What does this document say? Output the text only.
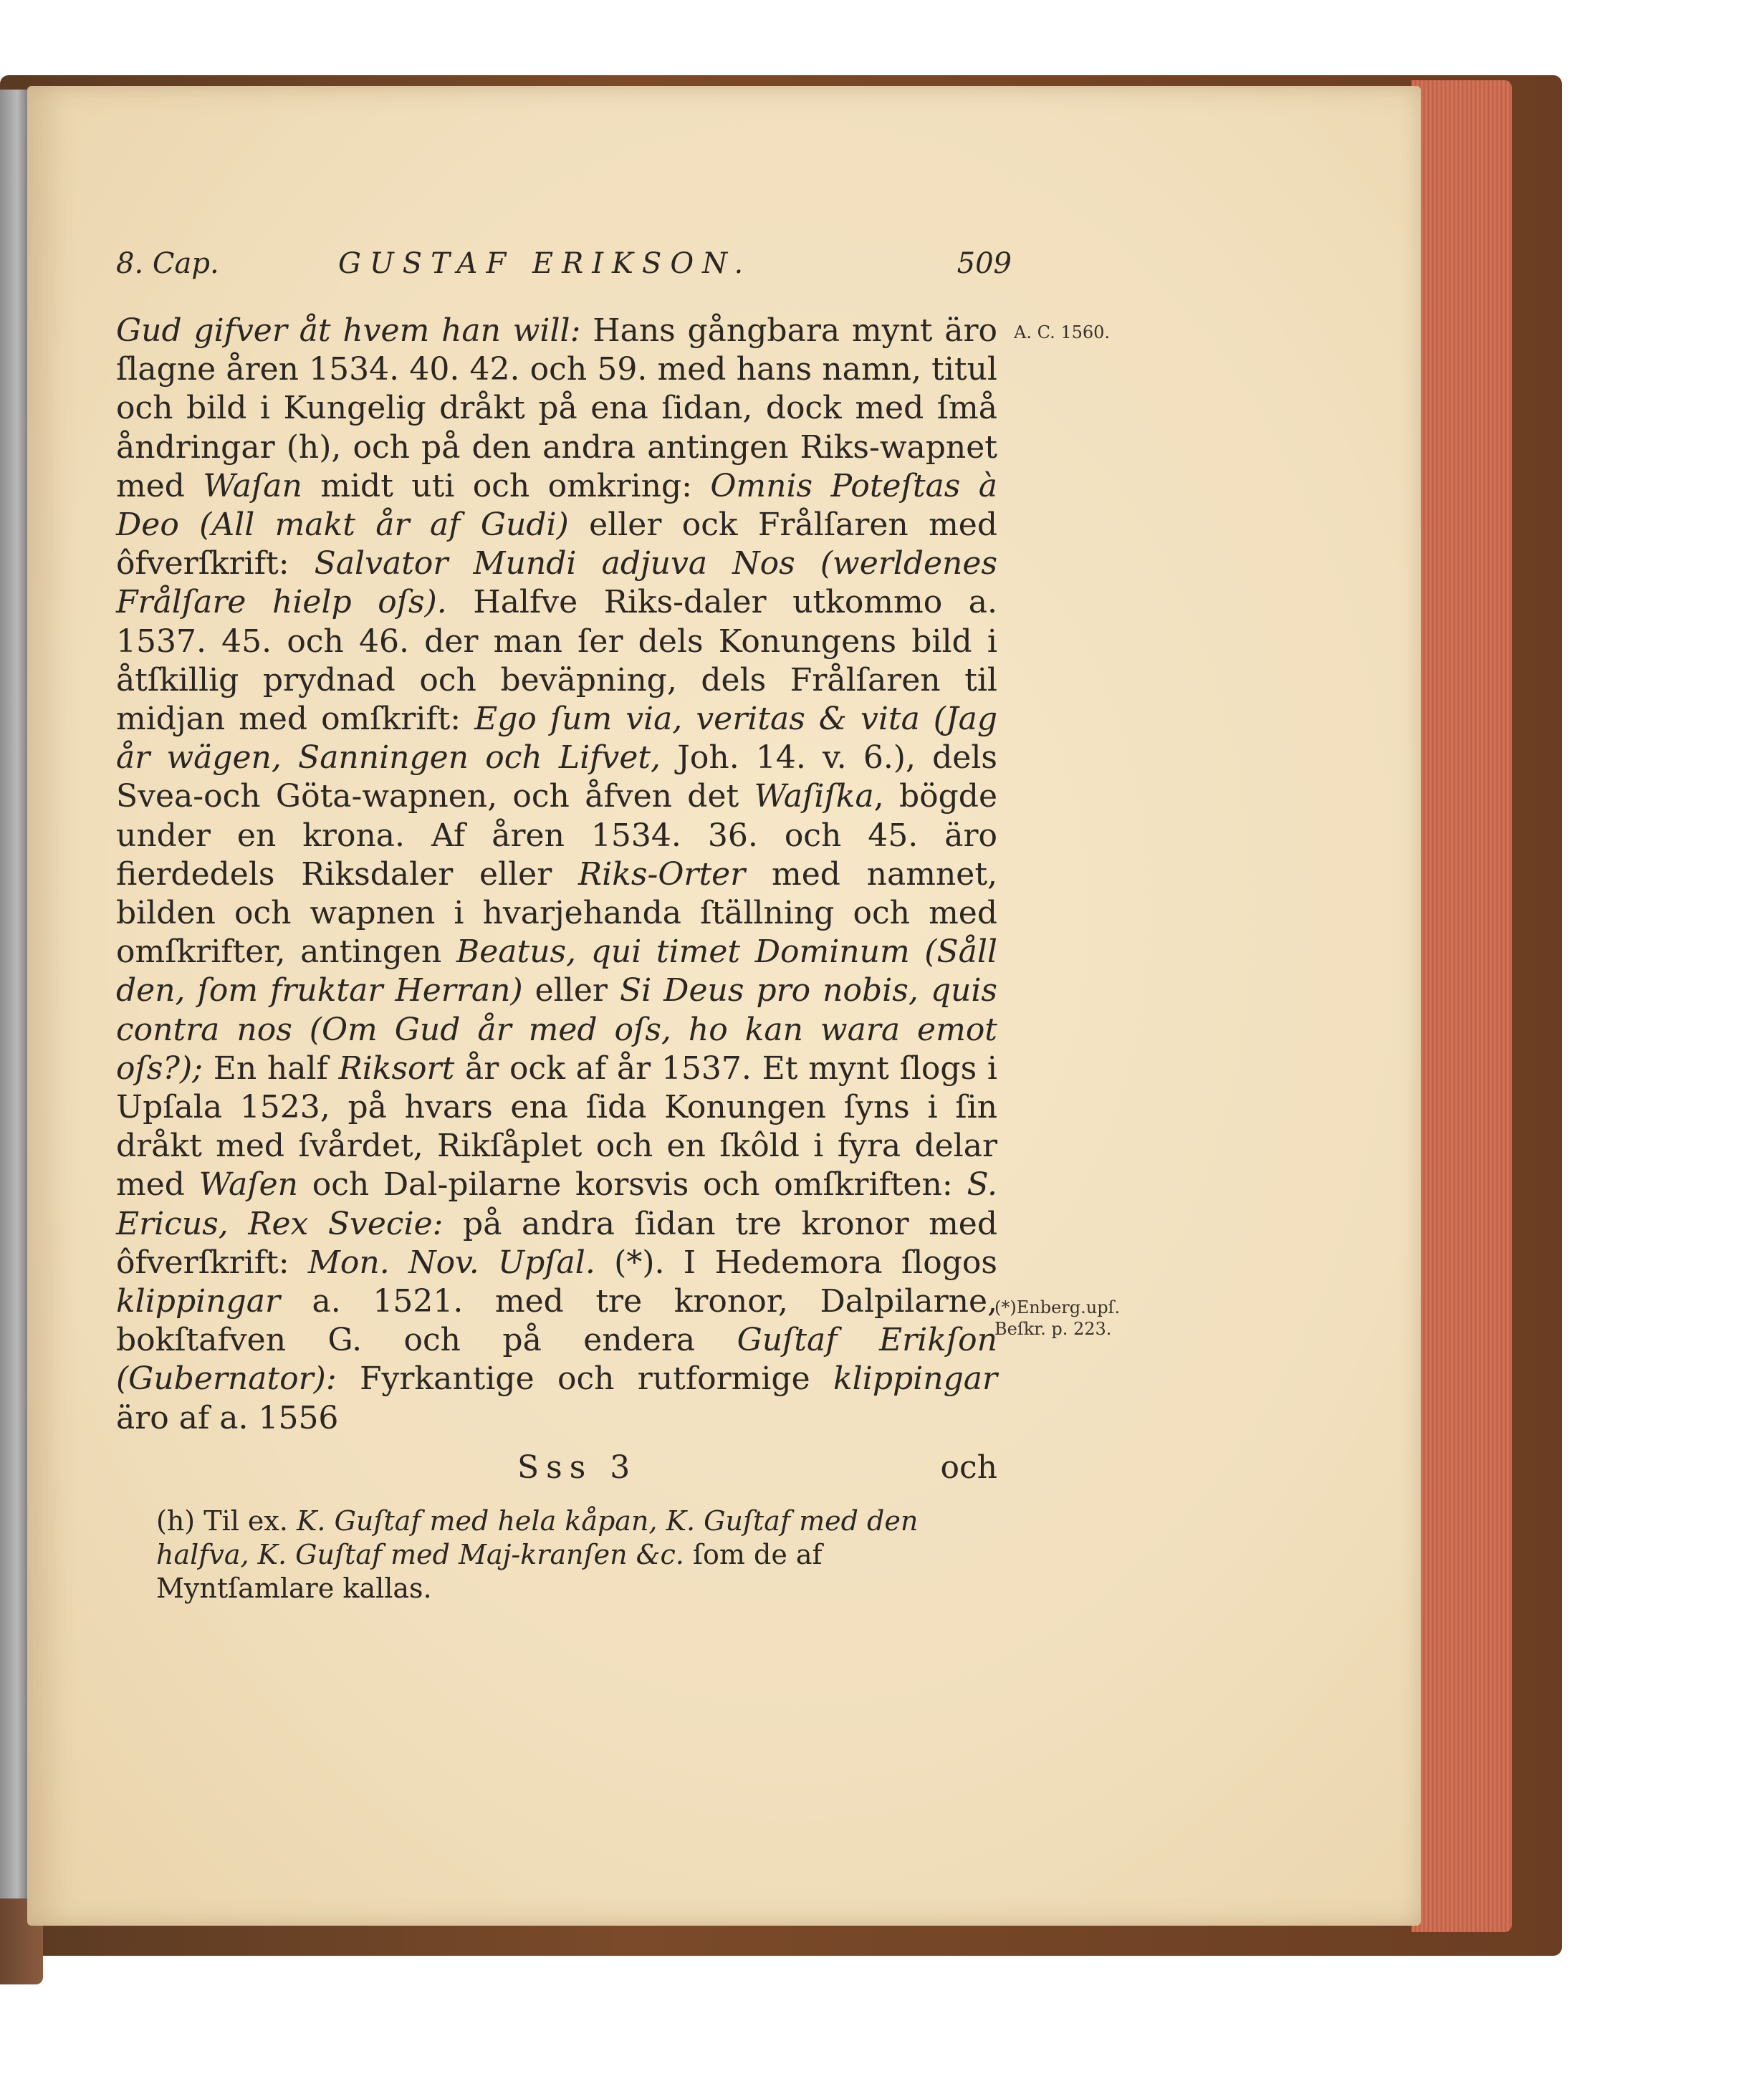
8. Cap.	GUSTAF ERIKSON.	509
A. C. 1560.
(*)Enberg.upſ.
Beſkr. p. 223.
Gud gifver åt hvem han will: Hans gångbara mynt äro ſlagne åren 1534. 40. 42. och 59. med hans namn, titul och bild i Kungelig dråkt på ena ſidan, dock med ſmå åndringar (h), och på den andra antingen Riks-wapnet med Waſan midt uti och omkring: Omnis Poteſtas à Deo (All makt år af Gudi) eller ock Frålſaren med ôfverſkrift: Salvator Mundi adjuva Nos (werldenes Frålſare hielp oſs). Halfve Riks-daler utkommo a. 1537. 45. och 46. der man ſer dels Konungens bild i åtſkillig prydnad och beväpning, dels Frålſaren til midjan med omſkrift: Ego ſum via, veritas & vita (Jag år wägen, Sanningen och Lifvet, Joh. 14. v. 6.), dels Svea-och Göta-wapnen, och åfven det Waſiſka, bögde under en krona. Af åren 1534. 36. och 45. äro fierdedels Riksdaler eller Riks-Orter med namnet, bilden och wapnen i hvarjehanda ſtällning och med omſkrifter, antingen Beatus, qui timet Dominum (Såll den, ſom fruktar Herran) eller Si Deus pro nobis, quis contra nos (Om Gud år med oſs, ho kan wara emot oſs?); En half Riksort år ock af år 1537. Et mynt ſlogs i Upſala 1523, på hvars ena ſida Konungen ſyns i ſin dråkt med ſvårdet, Rikſåplet och en ſkôld i fyra delar med Waſen och Dal-pilarne korsvis och omſkriften: S. Ericus, Rex Svecie: på andra ſidan tre kronor med ôfverſkrift: Mon. Nov. Upſal. (*). I Hedemora ſlogos klippingar a. 1521. med tre kronor, Dalpilarne, bokſtafven G. och på endera Guſtaf Erikſon (Gubernator): Fyrkantige och rutformige klippingar äro af a. 1556
Sss 3	och
(h) Til ex. K. Guſtaf med hela kåpan, K. Guſtaf med den halfva, K. Guſtaf med Maj-kranſen &c. ſom de af Myntſamlare kallas.
